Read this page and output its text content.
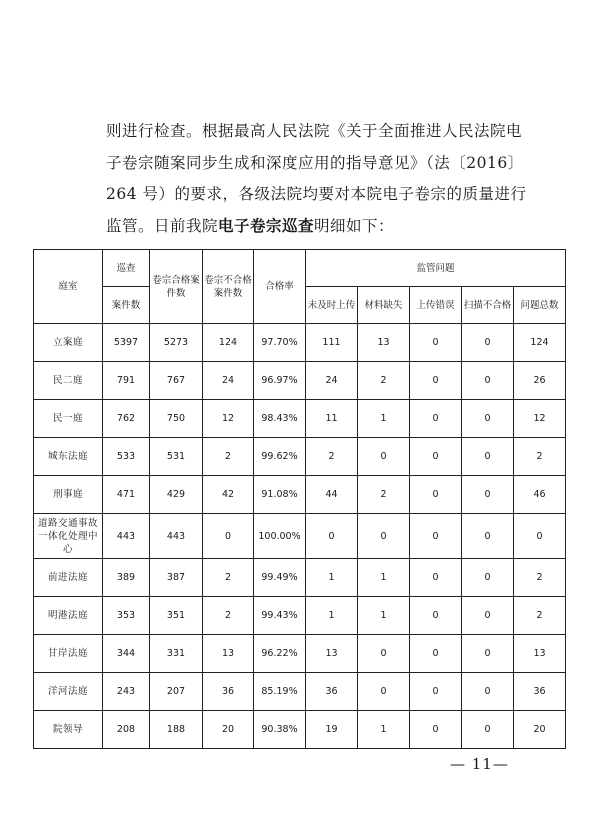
则进行检查。根据最高人民法院《关于全面推进人民法院电

子卷宗随案同步生成和深度应用的指导意见》（法〔2016〕

264 号）的要求，各级法院均要对本院电子卷宗的质量进行

监管。日前我院电子卷宗巡查明细如下：

庭室	巡查	卷宗合格案件数	卷宗不合格案件数	合格率	监管问题				
	案件数				未及时上传	材料缺失	上传错误	扫描不合格	问题总数
立案庭	5397	5273	124	97.70%	111	13	0	0	124
民二庭	791	767	24	96.97%	24	2	0	0	26
民一庭	762	750	12	98.43%	11	1	0	0	12
城东法庭	533	531	2	99.62%	2	0	0	0	2
刑事庭	471	429	42	91.08%	44	2	0	0	46
道路交通事故一体化处理中心	443	443	0	100.00%	0	0	0	0	0
前进法庭	389	387	2	99.49%	1	1	0	0	2
明港法庭	353	351	2	99.43%	1	1	0	0	2
甘岸法庭	344	331	13	96.22%	13	0	0	0	13
洋河法庭	243	207	36	85.19%	36	0	0	0	36
院领导	208	188	20	90.38%	19	1	0	0	20
— 11—
